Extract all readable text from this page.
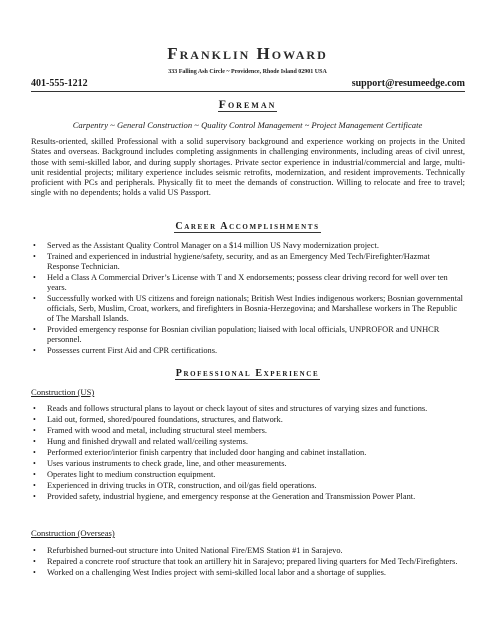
Franklin Howard
333 Falling Ash Circle ~ Providence, Rhode Island 02901 USA
401-555-1212	support@resumeedge.com
Foreman
Carpentry ~ General Construction ~ Quality Control Management ~ Project Management Certificate

Results-oriented, skilled Professional with a solid supervisory background and experience working on projects in the United States and overseas. Background includes completing assignments in challenging environments, including areas of civil unrest, those with semi-skilled labor, and during supply shortages. Private sector experience in industrial/commercial and large, multi-unit residential projects; military experience includes seismic retrofits, modernization, and resident improvements. Technically proficient with PCs and peripherals. Physically fit to meet the demands of construction. Willing to relocate and free to travel; single with no dependents; holds a valid US Passport.

Career Accomplishments
• Served as the Assistant Quality Control Manager on a $14 million US Navy modernization project.
• Trained and experienced in industrial hygiene/safety, security, and as an Emergency Med Tech/Firefighter/Hazmat Response Technician.
• Held a Class A Commercial Driver’s License with T and X endorsements; possess clear driving record for well over ten years.
• Successfully worked with US citizens and foreign nationals; British West Indies indigenous workers; Bosnian governmental officials, Serb, Muslim, Croat, workers, and firefighters in Bosnia-Herzegovina; and Marshallese workers in The Republic of The Marshall Islands.
• Provided emergency response for Bosnian civilian population; liaised with local officials, UNPROFOR and UNHCR personnel.
• Possesses current First Aid and CPR certifications.
Professional Experience
Construction (US)
• Reads and follows structural plans to layout or check layout of sites and structures of varying sizes and functions.
• Laid out, formed, shored/poured foundations, structures, and flatwork.
• Framed with wood and metal, including structural steel members.
• Hung and finished drywall and related wall/ceiling systems.
• Performed exterior/interior finish carpentry that included door hanging and cabinet installation.
• Uses various instruments to check grade, line, and other measurements.
• Operates light to medium construction equipment.
• Experienced in driving trucks in OTR, construction, and oil/gas field operations.
• Provided safety, industrial hygiene, and emergency response at the Generation and Transmission Power Plant.
Construction (Overseas)
• Refurbished burned-out structure into United National Fire/EMS Station #1 in Sarajevo.
• Repaired a concrete roof structure that took an artillery hit in Sarajevo; prepared living quarters for Med Tech/Firefighters.
• Worked on a challenging West Indies project with semi-skilled local labor and a shortage of supplies.
